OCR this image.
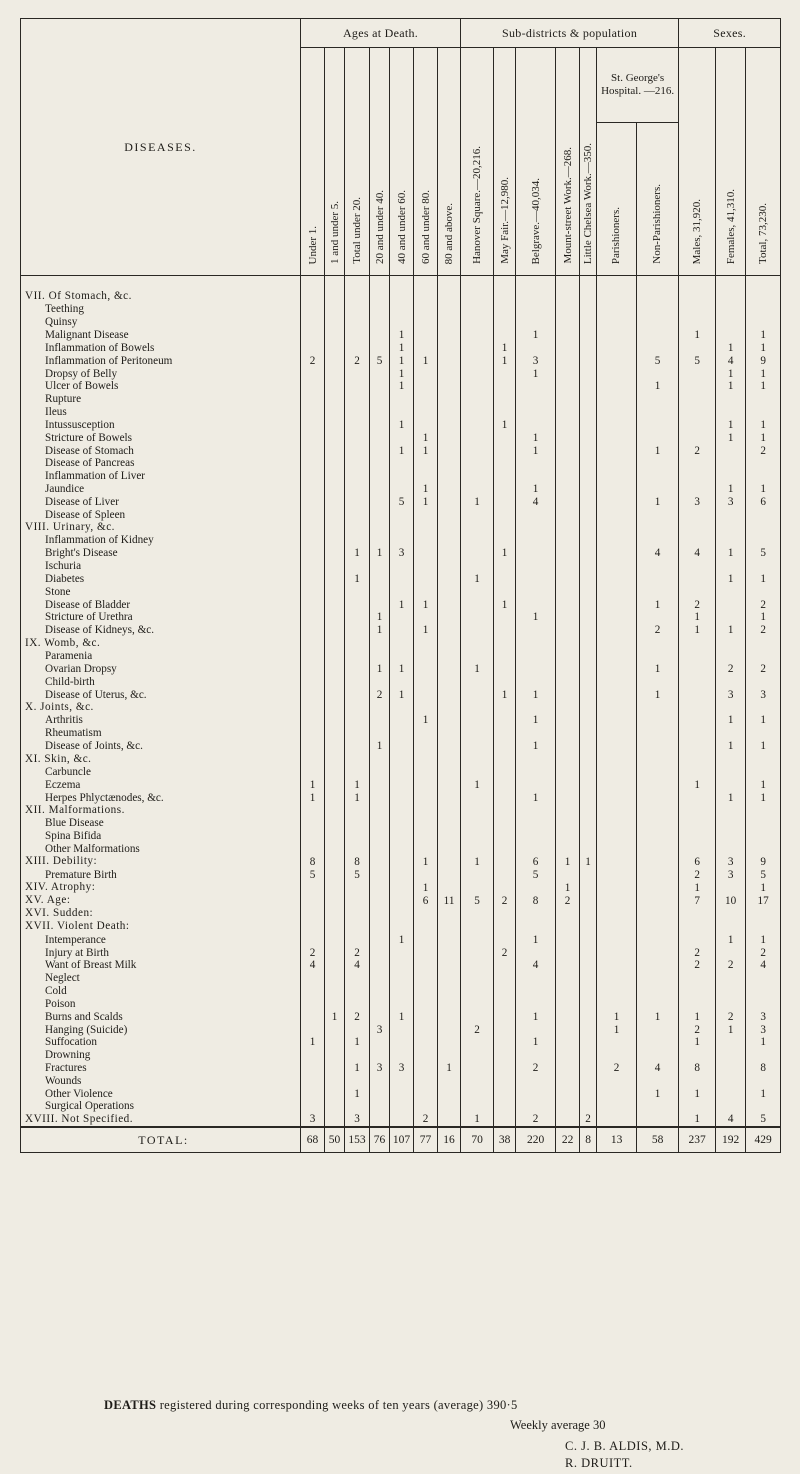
DISEASES.	Ages at Death.							Sub-districts & population							Sexes.		
	Under 1.	1 and under 5.	Total under 20.	20 and under 40.	40 and under 60.	60 and under 80.	80 and above.	Hanover Square.—20,216.	May Fair.—12,980.	Belgrave.—40,034.	Mount-street Work.—268.	Little Chelsea Work.—350.	St. George's Hospital. —216.		Males, 31,920.	Females, 41,310.	Total, 73,230.
													Parishioners.	Non-Parishioners.			

VII. Of Stomach, &c.																	
Teething																	
Quinsy																	
Malignant Disease					1					1					1		1
Inflammation of Bowels					1				1							1	1
Inflammation of Peritoneum	2		2	5	1	1			1	3				5	5	4	9
Dropsy of Belly					1					1						1	1
Ulcer of Bowels					1									1		1	1
Rupture																	
Ileus																	
Intussusception					1				1							1	1
Stricture of Bowels						1				1						1	1
Disease of Stomach					1	1				1				1	2		2
Disease of Pancreas																	
Inflammation of Liver																	
Jaundice						1				1						1	1
Disease of Liver					5	1		1		4				1	3	3	6
Disease of Spleen																	
VIII. Urinary, &c.																	
Inflammation of Kidney																	
Bright's Disease			1	1	3				1					4	4	1	5
Ischuria																	
Diabetes			1					1								1	1
Stone																	
Disease of Bladder					1	1			1					1	2		2
Stricture of Urethra				1						1					1		1
Disease of Kidneys, &c.				1		1								2	1	1	2
IX. Womb, &c.																	
Paramenia																	
Ovarian Dropsy				1	1			1						1		2	2
Child-birth																	
Disease of Uterus, &c.				2	1				1	1				1		3	3
X. Joints, &c.																	
Arthritis						1				1						1	1
Rheumatism																	
Disease of Joints, &c.				1						1						1	1
XI. Skin, &c.																	
Carbuncle																	
Eczema	1		1					1							1		1
Herpes Phlyctænodes, &c.	1		1							1						1	1
XII. Malformations.																	
Blue Disease																	
Spina Bifida																	
Other Malformations																	
XIII. Debility:	8		8			1		1		6	1	1			6	3	9
Premature Birth	5		5							5					2	3	5
XIV. Atrophy:						1					1				1		1
XV. Age:						6	11	5	2	8	2				7	10	17
XVI. Sudden:																	
XVII. Violent Death:																	
Intemperance					1					1						1	1
Injury at Birth	2		2						2						2		2
Want of Breast Milk	4		4							4					2	2	4
Neglect																	
Cold																	
Poison																	
Burns and Scalds		1	2		1					1			1	1	1	2	3
Hanging (Suicide)				3				2					1		2	1	3
Suffocation	1		1							1					1		1
Drowning																	
Fractures			1	3	3		1			2			2	4	8		8
Wounds																	
Other Violence			1											1	1		1
Surgical Operations																	
XVIII. Not Specified.	3		3			2		1		2		2			1	4	5
TOTAL:	68	50	153	76	107	77	16	70	38	220	22	8	13	58	237	192	429
DEATHS registered during corresponding weeks of ten years (average) 390·5
Weekly average 30
C. J. B. ALDIS, M.D.
R. DRUITT.
